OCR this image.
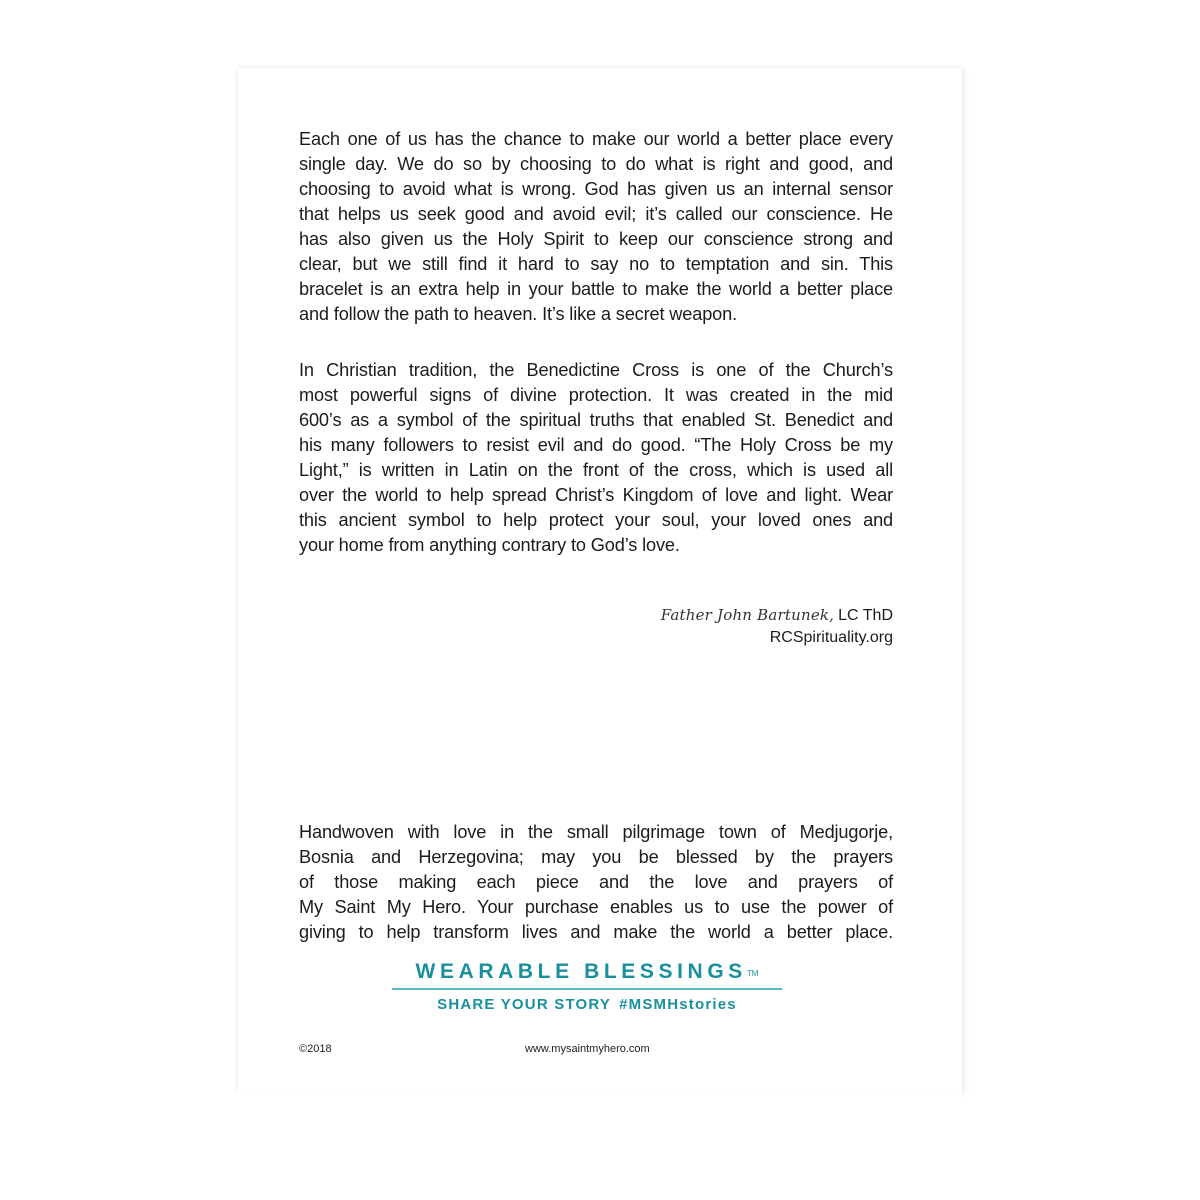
Each one of us has the chance to make our world a better place every
single day. We do so by choosing to do what is right and good, and
choosing to avoid what is wrong. God has given us an internal sensor
that helps us seek good and avoid evil; it’s called our conscience. He
has also given us the Holy Spirit to keep our conscience strong and
clear, but we still find it hard to say no to temptation and sin. This
bracelet is an extra help in your battle to make the world a better place
and follow the path to heaven. It’s like a secret weapon.
In Christian tradition, the Benedictine Cross is one of the Church’s
most powerful signs of divine protection. It was created in the mid
600’s as a symbol of the spiritual truths that enabled St. Benedict and
his many followers to resist evil and do good. “The Holy Cross be my
Light,” is written in Latin on the front of the cross, which is used all
over the world to help spread Christ’s Kingdom of love and light. Wear
this ancient symbol to help protect your soul, your loved ones and
your home from anything contrary to God’s love.
Father John Bartunek, LC ThD
RCSpirituality.org
Handwoven with love in the small pilgrimage town of Medjugorje,
Bosnia and Herzegovina; may you be blessed by the prayers
of those making each piece and the love and prayers of
My Saint My Hero. Your purchase enables us to use the power of
giving to help transform lives and make the world a better place.
WEARABLE BLESSINGS™
SHARE YOUR STORY #MSMHstories
©2018	www.mysaintmyhero.com
